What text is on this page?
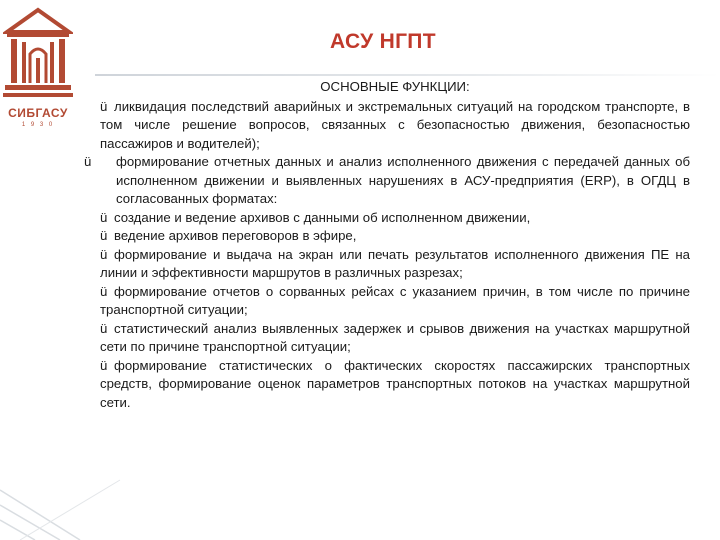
СИБГАСУ
1 9 3 0
АСУ НГПТ
ОСНОВНЫЕ ФУНКЦИИ:

ü ликвидация последствий аварийных и экстремальных ситуаций на городском транспорте, в том числе решение вопросов, связанных с безопасностью движения, безопасностью пассажиров и водителей);

ü формирование отчетных данных и анализ исполненного движения с передачей данных об исполненном движении и выявленных нарушениях в АСУ-предприятия (ERP), в ОГДЦ в согласованных форматах:

ü создание и ведение архивов с данными об исполненном движении,

ü ведение архивов переговоров в эфире,

ü формирование и выдача на экран или печать результатов исполненного движения ПЕ на линии и эффективности маршрутов в различных разрезах;

ü формирование отчетов о сорванных рейсах с указанием причин, в том числе по причине транспортной ситуации;

ü статистический анализ выявленных задержек и срывов движения на участках маршрутной сети по причине транспортной ситуации;

ü формирование статистических о фактических скоростях пассажирских транспортных средств, формирование оценок параметров транспортных потоков на участках маршрутной сети.
